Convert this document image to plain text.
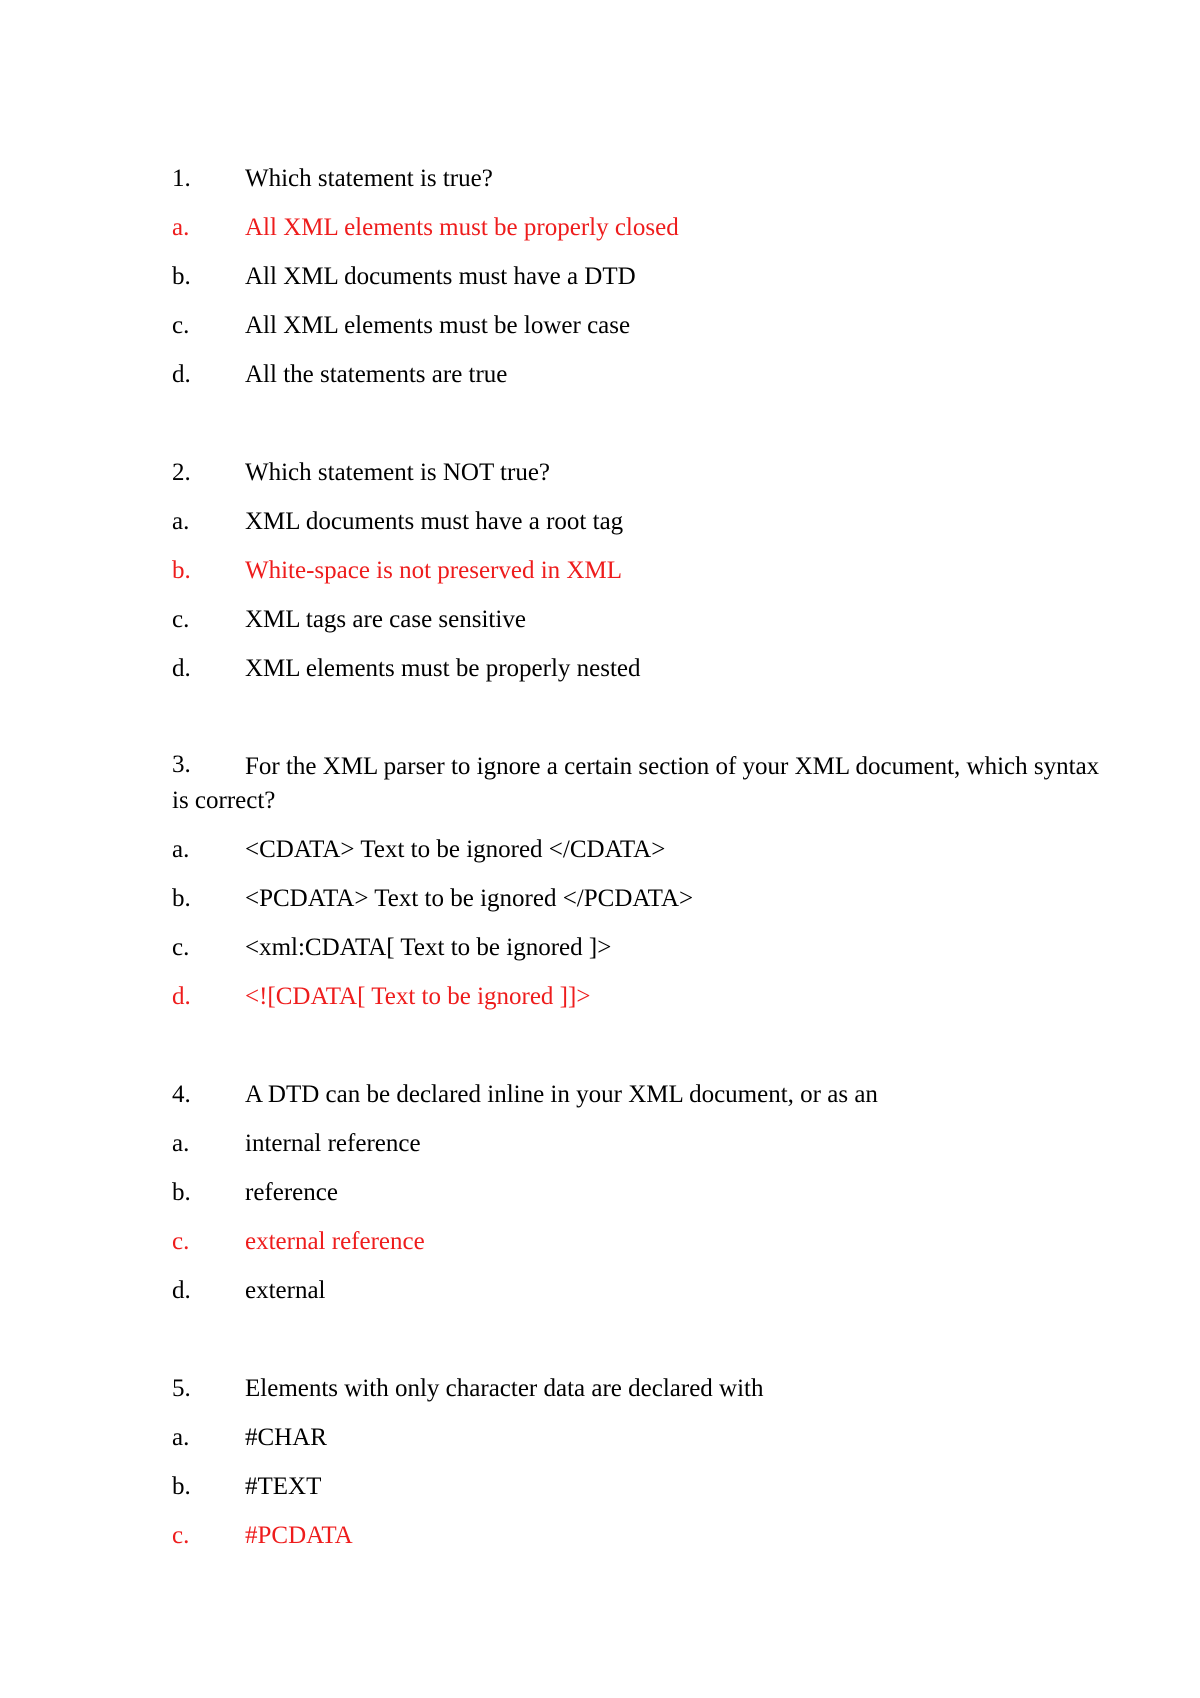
1. Which statement is true?
a. All XML elements must be properly closed
b. All XML documents must have a DTD
c. All XML elements must be lower case
d. All the statements are true
2. Which statement is NOT true?
a. XML documents must have a root tag
b. White-space is not preserved in XML
c. XML tags are case sensitive
d. XML elements must be properly nested
3.	For the XML parser to ignore a certain section of your XML document, which syntax is correct?
a. <CDATA> Text to be ignored </CDATA>
b. <PCDATA> Text to be ignored </PCDATA>
c. <xml:CDATA[ Text to be ignored ]>
d. <![CDATA[ Text to be ignored ]]>
4. A DTD can be declared inline in your XML document, or as an
a. internal reference
b. reference
c. external reference
d. external
5. Elements with only character data are declared with
a. #CHAR
b. #TEXT
c. #PCDATA
